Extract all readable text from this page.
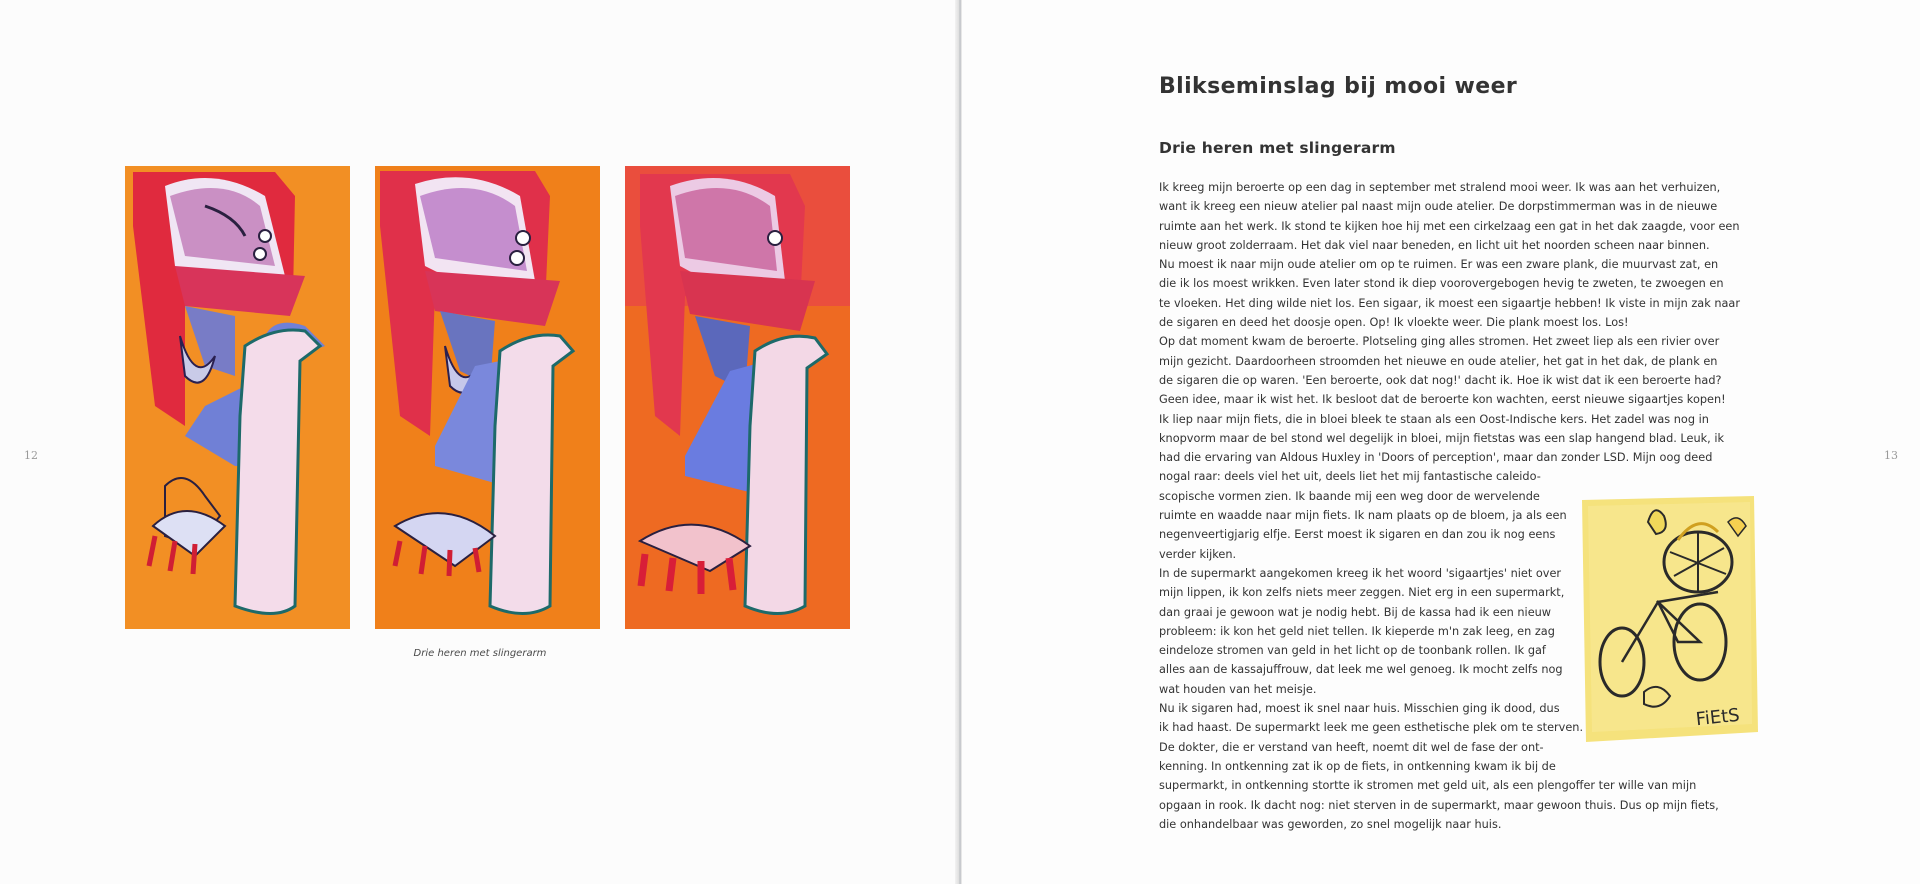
12
Drie heren met slingerarm
13
Blikseminslag bij mooi weer
Drie heren met slingerarm
Ik kreeg mijn beroerte op een dag in september met stralend mooi weer. Ik was aan het verhuizen,
want ik kreeg een nieuw atelier pal naast mijn oude atelier. De dorpstimmerman was in de nieuwe
ruimte aan het werk. Ik stond te kijken hoe hij met een cirkelzaag een gat in het dak zaagde, voor een
nieuw groot zolderraam. Het dak viel naar beneden, en licht uit het noorden scheen naar binnen.
Nu moest ik naar mijn oude atelier om op te ruimen. Er was een zware plank, die muurvast zat, en
die ik los moest wrikken. Even later stond ik diep voorovergebogen hevig te zweten, te zwoegen en
te vloeken. Het ding wilde niet los. Een sigaar, ik moest een sigaartje hebben! Ik viste in mijn zak naar
de sigaren en deed het doosje open. Op! Ik vloekte weer. Die plank moest los. Los!
Op dat moment kwam de beroerte. Plotseling ging alles stromen. Het zweet liep als een rivier over
mijn gezicht. Daardoorheen stroomden het nieuwe en oude atelier, het gat in het dak, de plank en
de sigaren die op waren. 'Een beroerte, ook dat nog!' dacht ik. Hoe ik wist dat ik een beroerte had?
Geen idee, maar ik wist het. Ik besloot dat de beroerte kon wachten, eerst nieuwe sigaartjes kopen!
Ik liep naar mijn fiets, die in bloei bleek te staan als een Oost-Indische kers. Het zadel was nog in
knopvorm maar de bel stond wel degelijk in bloei, mijn fietstas was een slap hangend blad. Leuk, ik
had die ervaring van Aldous Huxley in 'Doors of perception', maar dan zonder LSD. Mijn oog deed
nogal raar: deels viel het uit, deels liet het mij fantastische caleido-
scopische vormen zien. Ik baande mij een weg door de wervelende
ruimte en waadde naar mijn fiets. Ik nam plaats op de bloem, ja als een
negenveertigjarig elfje. Eerst moest ik sigaren en dan zou ik nog eens
verder kijken.
In de supermarkt aangekomen kreeg ik het woord 'sigaartjes' niet over
mijn lippen, ik kon zelfs niets meer zeggen. Niet erg in een supermarkt,
dan graai je gewoon wat je nodig hebt. Bij de kassa had ik een nieuw
probleem: ik kon het geld niet tellen. Ik kieperde m'n zak leeg, en zag
eindeloze stromen van geld in het licht op de toonbank rollen. Ik gaf
alles aan de kassajuffrouw, dat leek me wel genoeg. Ik mocht zelfs nog
wat houden van het meisje.
Nu ik sigaren had, moest ik snel naar huis. Misschien ging ik dood, dus
ik had haast. De supermarkt leek me geen esthetische plek om te sterven.
De dokter, die er verstand van heeft, noemt dit wel de fase der ont-
kenning. In ontkenning zat ik op de fiets, in ontkenning kwam ik bij de
supermarkt, in ontkenning stortte ik stromen met geld uit, als een plengoffer ter wille van mijn
opgaan in rook. Ik dacht nog: niet sterven in de supermarkt, maar gewoon thuis. Dus op mijn fiets,
die onhandelbaar was geworden, zo snel mogelijk naar huis.
FiEtS
